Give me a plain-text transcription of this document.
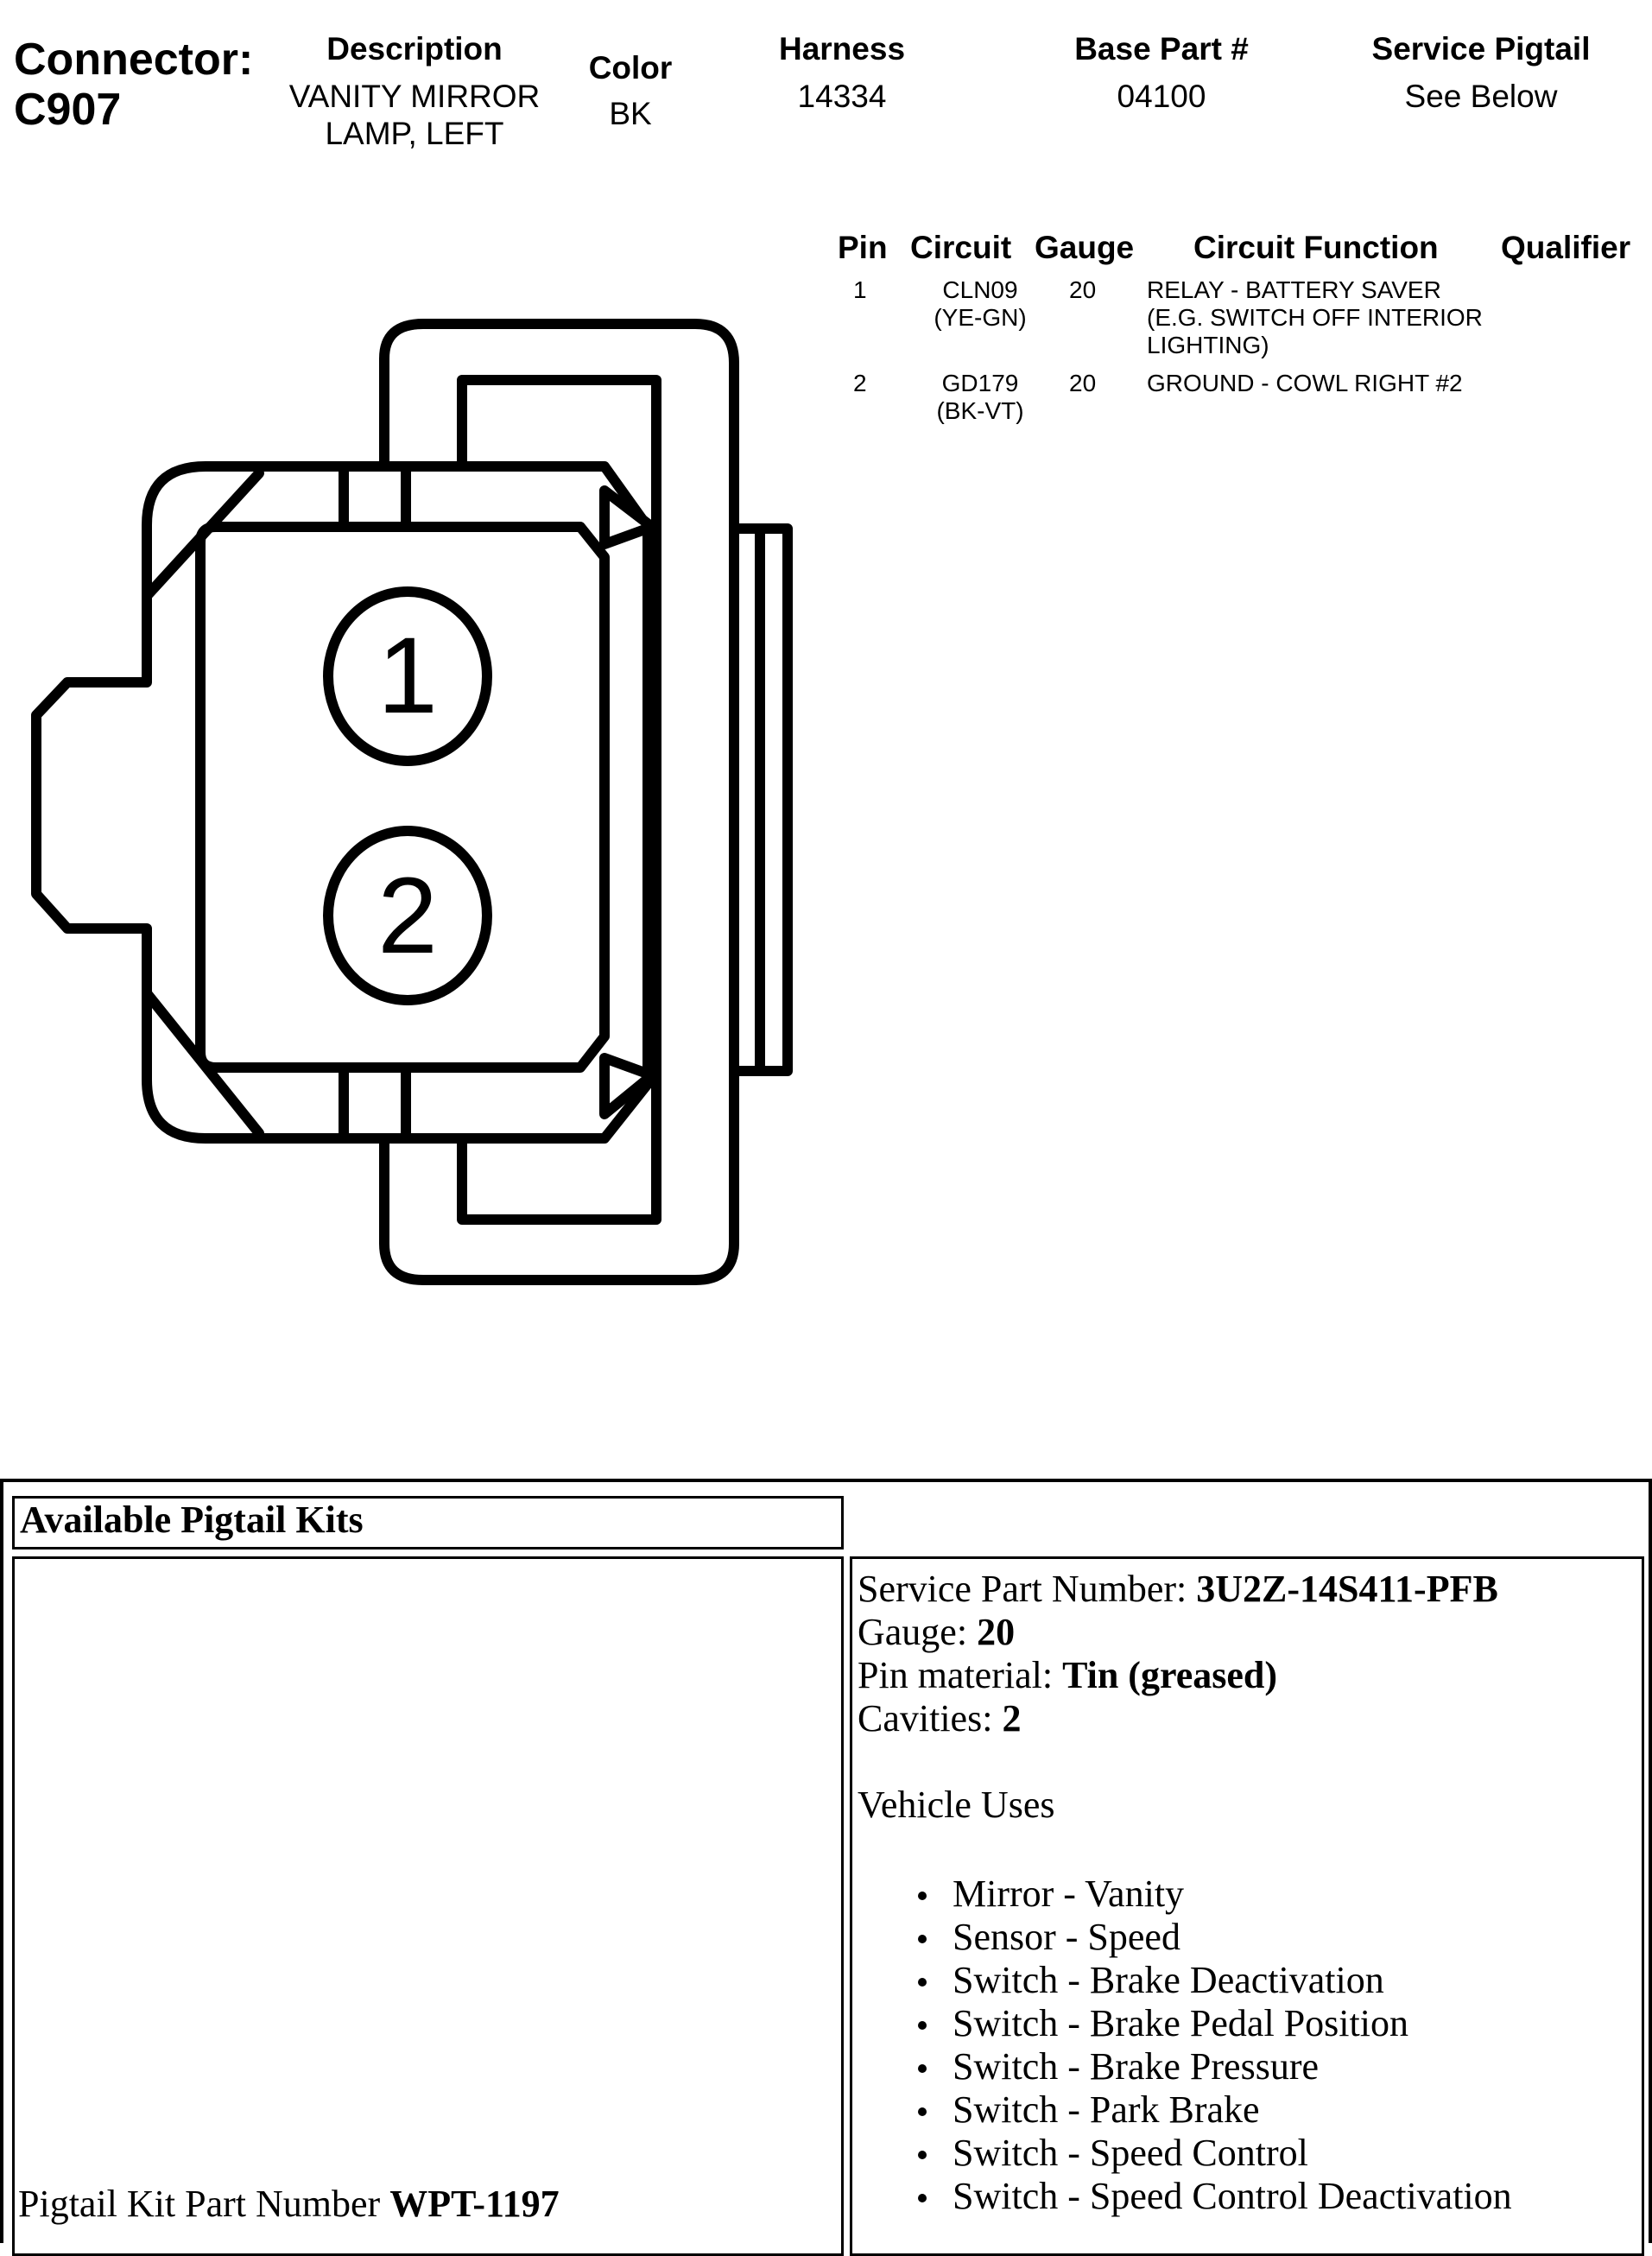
Connector:
C907
Description
VANITY MIRROR
LAMP, LEFT
Color
BK
Harness
14334
Base Part #
04100
Service Pigtail
See Below
Pin Circuit Gauge Circuit Function Qualifier
1	CLN09
(YE-GN)
20 RELAY - BATTERY SAVER
(E.G. SWITCH OFF INTERIOR
LIGHTING)
2	GD179
(BK-VT)
20 GROUND - COWL RIGHT #2
1
2
Available Pigtail Kits
Pigtail Kit Part Number WPT-1197
Service Part Number: 3U2Z-14S411-PFB
Gauge: 20
Pin material: Tin (greased)
Cavities: 2
Vehicle Uses
Mirror - Vanity
Sensor - Speed
Switch - Brake Deactivation
Switch - Brake Pedal Position
Switch - Brake Pressure
Switch - Park Brake
Switch - Speed Control
Switch - Speed Control Deactivation
